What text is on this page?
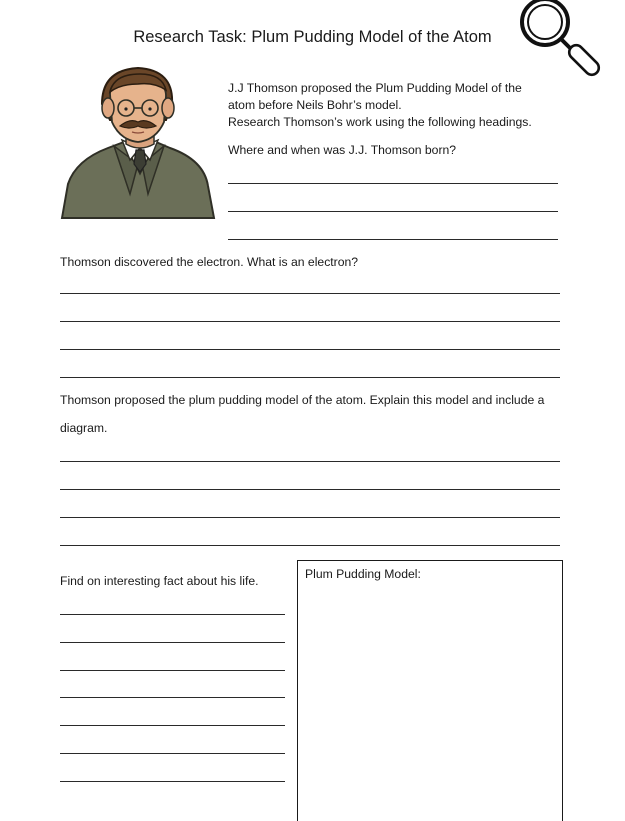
Research Task: Plum Pudding Model of the Atom
J.J Thomson proposed the Plum Pudding Model of the
atom before Neils Bohr’s model.
Research Thomson’s work using the following headings.
Where and when was J.J. Thomson born?
Thomson discovered the electron. What is an electron?
Thomson proposed the plum pudding model of the atom. Explain this model and include a
diagram.
Find on interesting fact about his life.	Plum Pudding Model:
